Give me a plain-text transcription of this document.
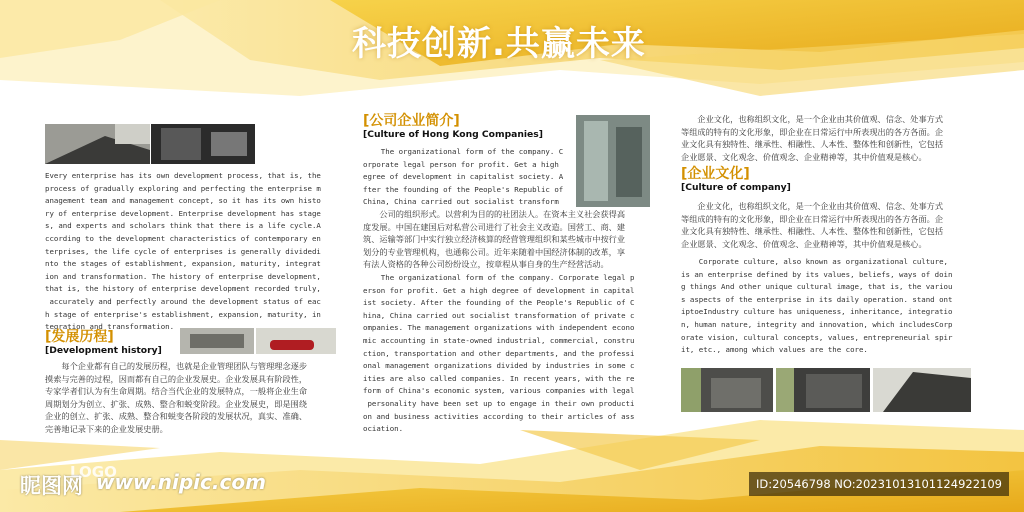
科技创新.共赢未来
Every enterprise has its own development process, that is, the
process of gradually exploring and perfecting the enterprise m
anagement team and management concept, so it has its own histo
ry of enterprise development. Enterprise development has stage
s, and experts and scholars think that there is a life cycle.A
ccording to the development characteristics of contemporary en
terprises, the life cycle of enterprises is generally dividedi
nto the stages of establishment, expansion, maturity, integrat
ion and transformation. The history of enterprise development,
that is, the history of enterprise development recorded truly,
accurately and perfectly around the development status of eac
h stage of enterprise's establishment, expansion, maturity, in
tegration and transformation.
[发展历程]
[Development history]
　　每个企业都有自己的发展历程，也就是企业管理团队与管理理念逐步
摸索与完善的过程，因而都有自己的企业发展史。企业发展具有阶段性，
专家学者们认为有生命周期。结合当代企业的发展特点，一般将企业生命
周期划分为创立、扩张、成熟、整合和蜕变阶段。企业发展史，即是围绕
企业的创立、扩张、成熟、整合和蜕变各阶段的发展状况，真实、准确、
完善地记录下来的企业发展史册。
[公司企业简介]
[Culture of Hong Kong Companies]
The organizational form of the company. C
orporate legal person for profit. Get a high
egree of development in capitalist society. A
fter the founding of the People's Republic of
China, China carried out socialist transform
　　公司的组织形式。以营利为目的的社团法人。在资本主义社会获得高
度发展。中国在建国后对私营公司进行了社会主义改造。国营工、商、建
筑、运输等部门中实行独立经济核算的经营管理组织和某些城市中按行业
划分的专业管理机构，也通称公司。近年来随着中国经济体制的改革，享
有法人资格的各种公司纷纷设立，按章程从事自身的生产经营活动。
The organizational form of the company. Corporate legal p
erson for profit. Get a high degree of development in capital
ist society. After the founding of the People's Republic of C
hina, China carried out socialist transformation of private c
ompanies. The management organizations with independent econo
mic accounting in state-owned industrial, commercial, constru
ction, transportation and other departments, and the professi
onal management organizations divided by industries in some c
ities are also called companies. In recent years, with the re
form of China's economic system, various companies with legal
personality have been set up to engage in their own producti
on and business activities according to their articles of ass
ociation.
　　企业文化，也称组织文化，是一个企业由其价值观、信念、处事方式
等组成的特有的文化形象，即企业在日常运行中所表现出的各方各面。企
业文化具有独特性、继承性、相融性、人本性、整体性和创新性，它包括
企业愿景、文化观念、价值观念、企业精神等，其中价值观是核心。
[企业文化]
[Culture of company]
　　企业文化，也称组织文化，是一个企业由其价值观、信念、处事方式
等组成的特有的文化形象，即企业在日常运行中所表现出的各方各面。企
业文化具有独特性、继承性、相融性、人本性、整体性和创新性，它包括
企业愿景、文化观念、价值观念、企业精神等，其中价值观是核心。
Corporate culture, also known as organizational culture,
is an enterprise defined by its values, beliefs, ways of doin
g things And other unique cultural image, that is, the variou
s aspects of the enterprise in its daily operation. stand ont
iptoeIndustry culture has uniqueness, inheritance, integratio
n, human nature, integrity and innovation, which includesCorp
orate vision, cultural concepts, values, entrepreneurial spir
it, etc., among which values are the core.
LOGO
昵图网 www.nipic.com	ID:20546798 NO:20231013101124922109
